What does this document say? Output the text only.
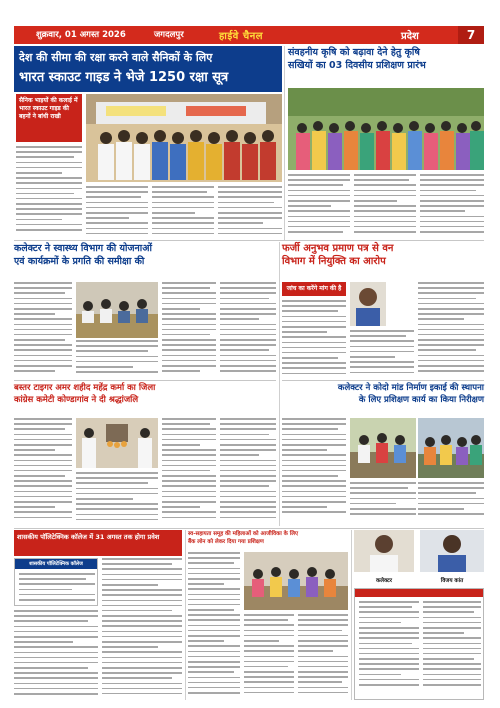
शुक्रवार, 01 अगस्त 2026	जगदलपुर	हाईवे चैनल	प्रदेश	7
देश की सीमा की रक्षा करने वाले सैनिकों के लिए
भारत स्काउट गाइड ने भेजे 1250 रक्षा सूत्र
सैनिक भाइयों की कलाई में भारत स्काउट गाइड की बहनों ने बांधी राखी
संवहनीय कृषि को बढ़ावा देने हेतु कृषि
सखियों का 03 दिवसीय प्रशिक्षण प्रारंभ
कलेक्टर ने स्वास्थ्य विभाग की योजनाओं
एवं कार्यक्रमों के प्रगति की समीक्षा की
फर्जी अनुभव प्रमाण पत्र से वन
विभाग में नियुक्ति का आरोप
जांच का करेंगे मांग की है
बस्तर टाइगर अमर शहीद महेंद्र कर्मा का जिला
कांग्रेस कमेटी कोण्डागांव ने दी श्रद्धांजलि
कलेक्टर ने कोदो मांड निर्माण इकाई की स्थापना
के लिए प्रशिक्षण कार्य का किया निरीक्षण
शासकीय पॉलिटेक्निक कॉलेज में 31 अगस्त तक होगा प्रवेश
शासकीय पॉलिटेक्निक कॉलेज
स्व-सहायता समूह की महिलाओं को आजीविका के लिए
बैंक लोन को लेकर दिया गया प्रशिक्षण
कलेक्टर	विजय कांत
